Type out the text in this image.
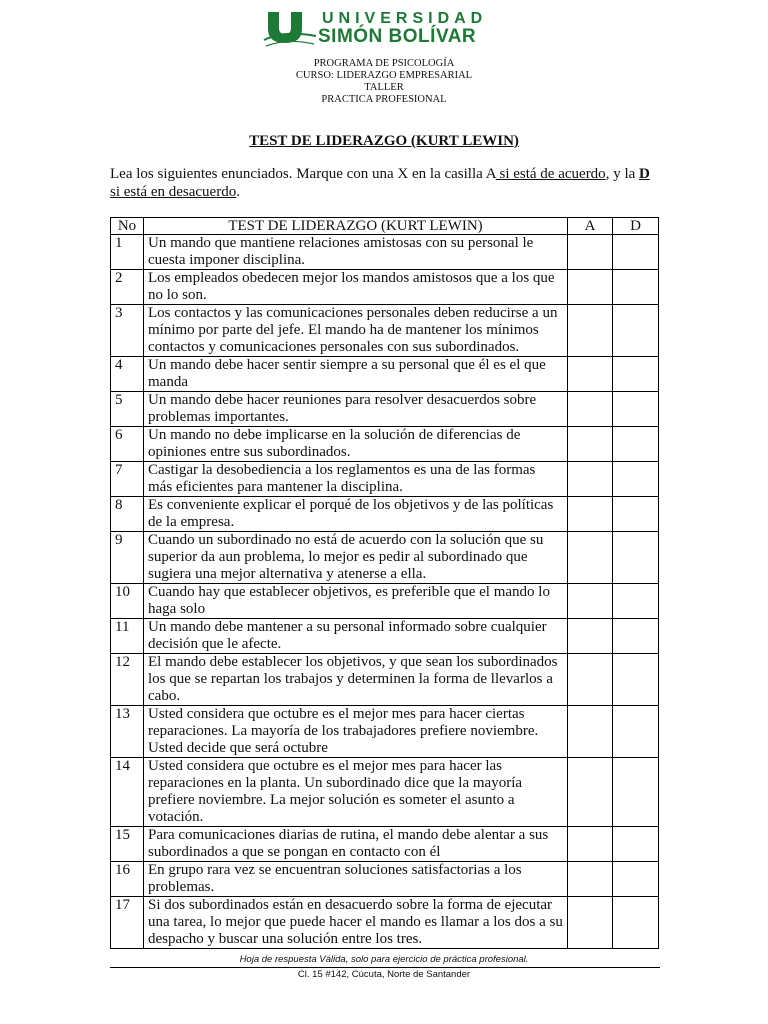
UNIVERSIDAD
SIMÓN BOLÍVAR
PROGRAMA DE PSICOLOGÍA
CURSO: LIDERAZGO EMPRESARIAL
TALLER
PRACTICA PROFESIONAL
TEST DE LIDERAZGO (KURT LEWIN)
Lea los siguientes enunciados. Marque con una X en la casilla A si está de acuerdo, y la D si está en desacuerdo.
No	TEST DE LIDERAZGO (KURT LEWIN)	A	D
1	Un mando que mantiene relaciones amistosas con su personal le cuesta imponer disciplina.		
2	Los empleados obedecen mejor los mandos amistosos que a los que no lo son.		
3	Los contactos y las comunicaciones personales deben reducirse a un mínimo por parte del jefe. El mando ha de mantener los mínimos contactos y comunicaciones personales con sus subordinados.		
4	Un mando debe hacer sentir siempre a su personal que él es el que manda		
5	Un mando debe hacer reuniones para resolver desacuerdos sobre problemas importantes.		
6	Un mando no debe implicarse en la solución de diferencias de opiniones entre sus subordinados.		
7	Castigar la desobediencia a los reglamentos es una de las formas más eficientes para mantener la disciplina.		
8	Es conveniente explicar el porqué de los objetivos y de las políticas de la empresa.		
9	Cuando un subordinado no está de acuerdo con la solución que su superior da aun problema, lo mejor es pedir al subordinado que sugiera una mejor alternativa y atenerse a ella.		
10	Cuando hay que establecer objetivos, es preferible que el mando lo haga solo		
11	Un mando debe mantener a su personal informado sobre cualquier decisión que le afecte.		
12	El mando debe establecer los objetivos, y que sean los subordinados los que se repartan los trabajos y determinen la forma de llevarlos a cabo.		
13	Usted considera que octubre es el mejor mes para hacer ciertas reparaciones. La mayoría de los trabajadores prefiere noviembre. Usted decide que será octubre		
14	Usted considera que octubre es el mejor mes para hacer las reparaciones en la planta. Un subordinado dice que la mayoría prefiere noviembre. La mejor solución es someter el asunto a votación.		
15	Para comunicaciones diarias de rutina, el mando debe alentar a sus subordinados a que se pongan en contacto con él		
16	En grupo rara vez se encuentran soluciones satisfactorias a los problemas.		
17	Si dos subordinados están en desacuerdo sobre la forma de ejecutar una tarea, lo mejor que puede hacer el mando es llamar a los dos a su despacho y buscar una solución entre los tres.		
Hoja de respuesta Válida, solo para ejercicio de práctica profesional.
Cl. 15 #142, Cúcuta, Norte de Santander
